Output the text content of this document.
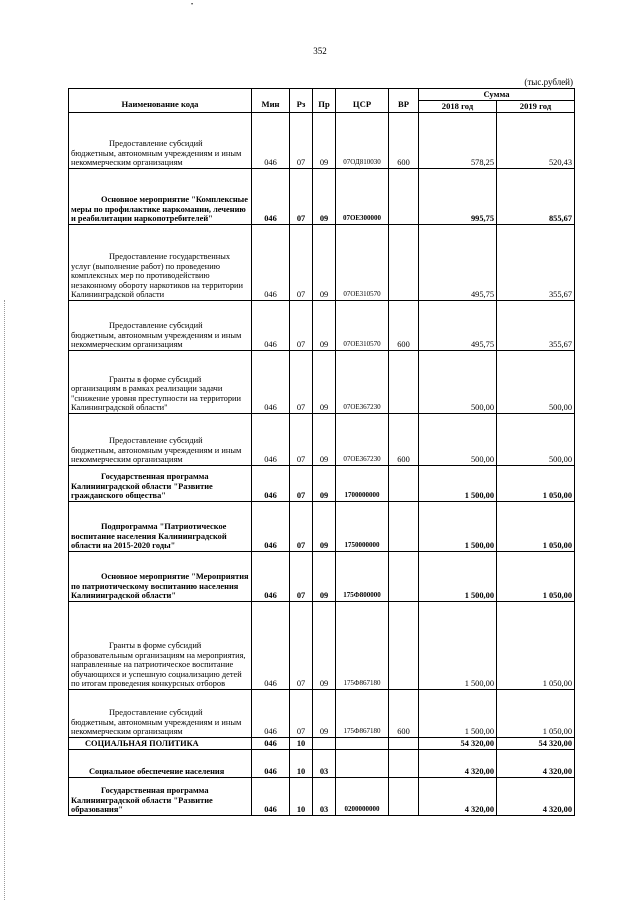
•
352
(тыс.рублей)
Наименование кода	Мин	Рз	Пр	ЦСР	ВР	Сумма	
						2018 год	2019 год

Предоставление субсидий бюджетным, автономным учреждениям и иным некоммерческим организациям	046	07	09	07ОД810030	600	578,25	520,43

Основное мероприятие "Комплексные меры по профилактике наркомании, лечению и реабилитации наркопотребителей"	046	07	09	07ОЕ300000		995,75	855,67

Предоставление государственных услуг (выполнение работ) по проведению комплексных мер по противодействию незаконному обороту наркотиков на территории Калининградской области	046	07	09	07ОЕ310570		495,75	355,67

Предоставление субсидий бюджетным, автономным учреждениям и иным некоммерческим организациям	046	07	09	07ОЕ310570	600	495,75	355,67

Гранты в форме субсидий организациям в рамках реализации задачи "снижение уровня преступности на территории Калининградской области"	046	07	09	07ОЕ367230		500,00	500,00

Предоставление субсидий бюджетным, автономным учреждениям и иным некоммерческим организациям	046	07	09	07ОЕ367230	600	500,00	500,00

Государственная программа Калининградской области "Развитие гражданского общества"	046	07	09	1700000000		1 500,00	1 050,00

Подпрограмма "Патриотическое воспитание населения Калининградской области на 2015-2020 годы"	046	07	09	1750000000		1 500,00	1 050,00

Основное мероприятие "Мероприятия по патриотическому воспитанию населения Калининградской области"	046	07	09	175Ф800000		1 500,00	1 050,00

Гранты в форме субсидий образовательным организациям на мероприятия, направленные на патриотическое воспитание обучающихся и успешную социализацию детей по итогам проведения конкурсных отборов	046	07	09	175Ф867180		1 500,00	1 050,00

Предоставление субсидий бюджетным, автономным учреждениям и иным некоммерческим организациям	046	07	09	175Ф867180	600	1 500,00	1 050,00
СОЦИАЛЬНАЯ ПОЛИТИКА	046	10				54 320,00	54 320,00
Социальное обеспечение населения	046	10	03			4 320,00	4 320,00

Государственная программа Калининградской области "Развитие образования"	046	10	03	0200000000		4 320,00	4 320,00
